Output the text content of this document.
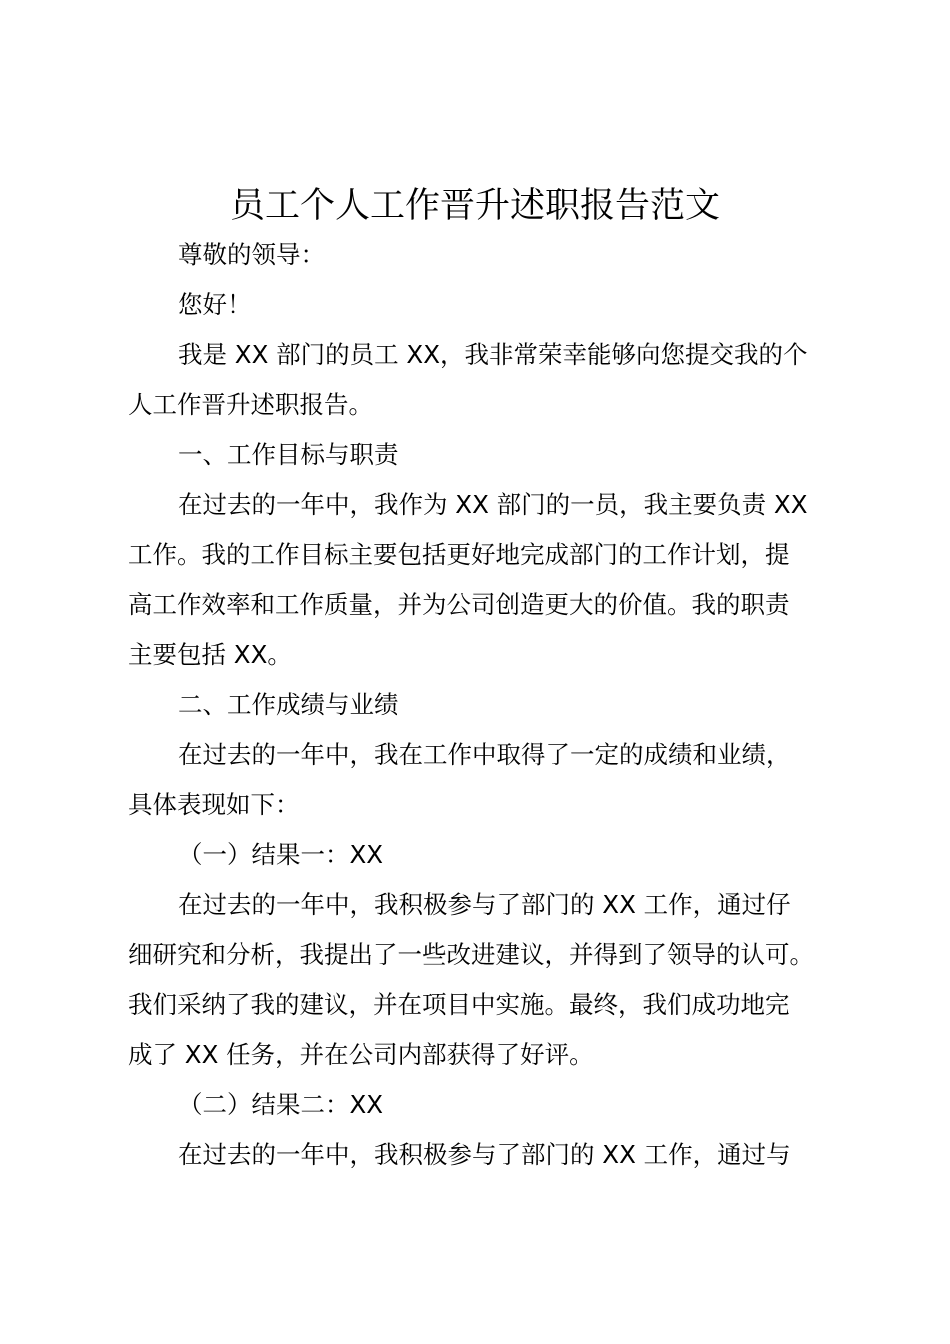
员工个人工作晋升述职报告范文
尊敬的领导：
您好！
我是 XX 部门的员工 XX，我非常荣幸能够向您提交我的个
人工作晋升述职报告。
一、工作目标与职责
在过去的一年中，我作为 XX 部门的一员，我主要负责 XX
工作。我的工作目标主要包括更好地完成部门的工作计划，提
高工作效率和工作质量，并为公司创造更大的价值。我的职责
主要包括 XX。
二、工作成绩与业绩
在过去的一年中，我在工作中取得了一定的成绩和业绩，
具体表现如下：
（一）结果一：XX
在过去的一年中，我积极参与了部门的 XX 工作，通过仔
细研究和分析，我提出了一些改进建议，并得到了领导的认可。
我们采纳了我的建议，并在项目中实施。最终，我们成功地完
成了 XX 任务，并在公司内部获得了好评。
（二）结果二：XX
在过去的一年中，我积极参与了部门的 XX 工作，通过与
